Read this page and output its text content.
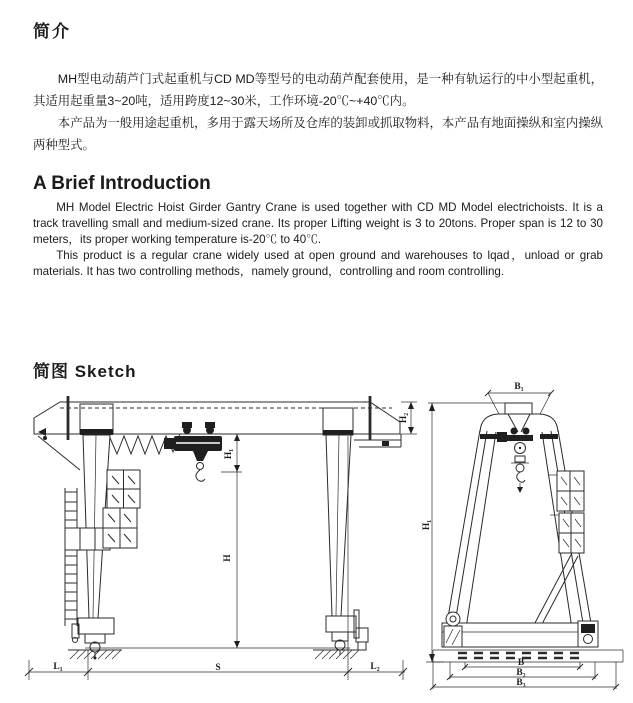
简介

MH型电动葫芦门式起重机与CD MD等型号的电动葫芦配套使用，是一种有轨运行的中小型起重机，其适用起重量3~20吨，适用跨度12~30米，工作环境-20℃~+40℃内。

本产品为一般用途起重机，多用于露天场所及仓库的装卸或抓取物料，本产品有地面操纵和室内操纵两种型式。

A Brief Introduction

MH Model Electric Hoist Girder Gantry Crane is used together with CD MD Model electrichoists. It is a track travelling small and medium-sized crane. Its proper Lifting weight is 3 to 20tons. Proper span is 12 to 30 meters，its proper working temperature is-20℃ to 40℃.

This product is a regular crane widely used at open ground and warehouses to lqad，unload or grab materials. It has two controlling methods，namely ground，controlling and room controlling.

简图 Sketch
H₁
H
H₂
L₁	S	L₂
B₁
H₁
B
B₂
B₃
